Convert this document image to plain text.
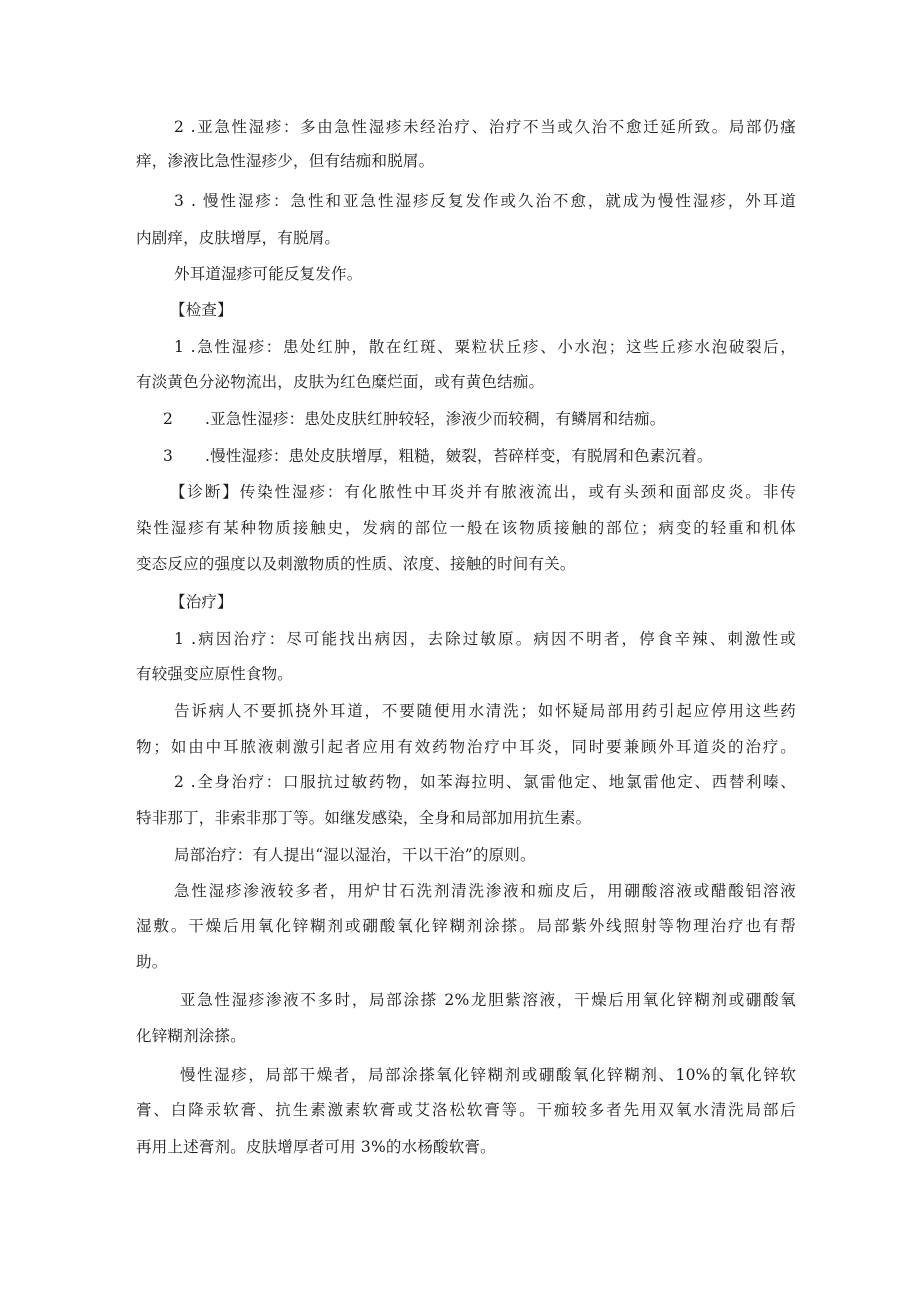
2 .亚急性湿疹：多由急性湿疹未经治疗、治疗不当或久治不愈迁延所致。局部仍瘙
痒，渗液比急性湿疹少，但有结痂和脱屑。
3 . 慢性湿疹：急性和亚急性湿疹反复发作或久治不愈，就成为慢性湿疹，外耳道
内剧痒，皮肤增厚，有脱屑。
外耳道湿疹可能反复发作。
【检查】
1 .急性湿疹：患处红肿，散在红斑、粟粒状丘疹、小水泡；这些丘疹水泡破裂后，
有淡黄色分泌物流出，皮肤为红色糜烂面，或有黄色结痂。
2 .亚急性湿疹：患处皮肤红肿较轻，渗液少而较稠，有鳞屑和结痂。
3 .慢性湿疹：患处皮肤增厚，粗糙，皴裂，苔碎样变，有脱屑和色素沉着。
【诊断】传染性湿疹：有化脓性中耳炎并有脓液流出，或有头颈和面部皮炎。非传
染性湿疹有某种物质接触史，发病的部位一般在该物质接触的部位；病变的轻重和机体
变态反应的强度以及刺激物质的性质、浓度、接触的时间有关。
【治疗】
1 .病因治疗：尽可能找出病因，去除过敏原。病因不明者，停食辛辣、刺激性或
有较强变应原性食物。
告诉病人不要抓挠外耳道，不要随便用水清洗；如怀疑局部用药引起应停用这些药
物；如由中耳脓液刺激引起者应用有效药物治疗中耳炎，同时要兼顾外耳道炎的治疗。
2 .全身治疗：口服抗过敏药物，如苯海拉明、氯雷他定、地氯雷他定、西替利嗪、
特非那丁，非索非那丁等。如继发感染，全身和局部加用抗生素。
局部治疗：有人提出“湿以湿治，干以干治”的原则。
急性湿疹渗液较多者，用炉甘石洗剂清洗渗液和痂皮后，用硼酸溶液或醋酸铝溶液
湿敷。干燥后用氧化锌糊剂或硼酸氧化锌糊剂涂搽。局部紫外线照射等物理治疗也有帮
助。
亚急性湿疹渗液不多时，局部涂搽 2%龙胆紫溶液，干燥后用氧化锌糊剂或硼酸氧
化锌糊剂涂搽。
慢性湿疹，局部干燥者，局部涂搽氧化锌糊剂或硼酸氧化锌糊剂、10%的氧化锌软
膏、白降汞软膏、抗生素激素软膏或艾洛松软膏等。干痂较多者先用双氧水清洗局部后
再用上述膏剂。皮肤增厚者可用 3%的水杨酸软膏。
